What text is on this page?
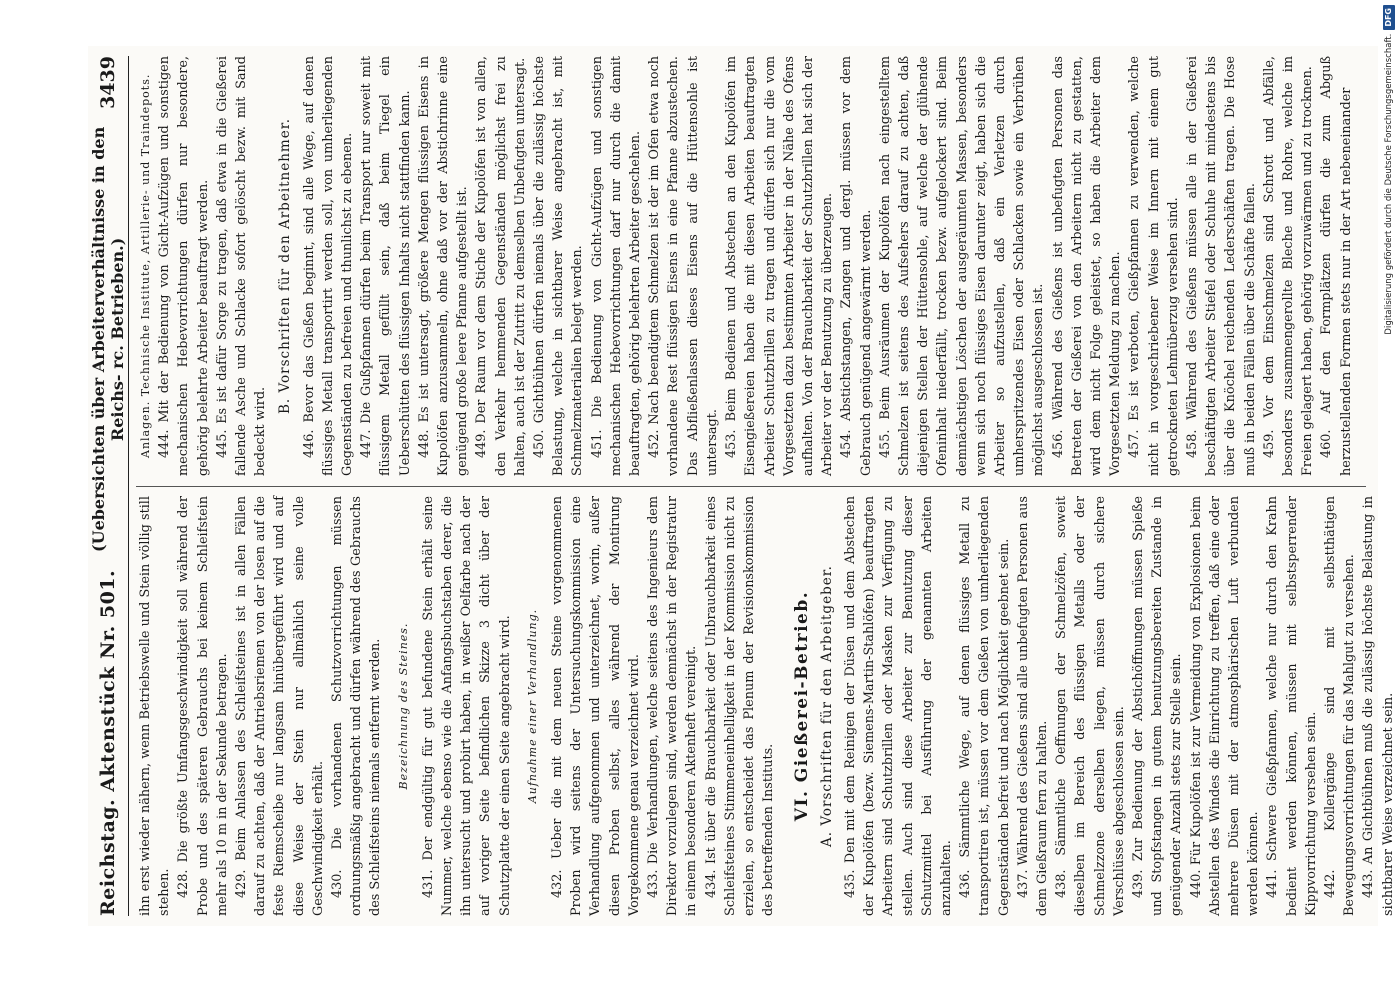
Reichstag. Aktenstück Nr. 501.
(Uebersichten über Arbeiterverhältnisse in den Reichs- rc. Betrieben.)
3439

ihn erst wieder nähern, wenn Betriebswelle und Stein völlig still stehen. 428. Die größte Umfangsgeschwindigkeit soll während der Probe und des späteren Gebrauchs bei keinem Schleifstein mehr als 10 m in der Sekunde betragen. 429. Beim Anlassen des Schleifsteines ist in allen Fällen darauf zu achten, daß der Antriebsriemen von der losen auf die feste Riemscheibe nur langsam hinübergeführt wird und auf diese Weise der Stein nur allmählich seine volle Geschwindigkeit erhält. 430. Die vorhandenen Schutzvorrichtungen müssen ordnungsmäßig angebracht und dürfen während des Gebrauchs des Schleifsteins niemals entfernt werden. Bezeichnung des Steines. 431. Der endgültig für gut befundene Stein erhält seine Nummer, welche ebenso wie die Anfangsbuchstaben derer, die ihn untersucht und probirt haben, in weißer Oelfarbe nach der auf voriger Seite befindlichen Skizze 3 dicht über der Schutzplatte der einen Seite angebracht wird. Aufnahme einer Verhandlung. 432. Ueber die mit dem neuen Steine vorgenommenen Proben wird seitens der Untersuchungskommission eine Verhandlung aufgenommen und unterzeichnet, worin, außer diesen Proben selbst, alles während der Montirung Vorgekommene genau verzeichnet wird. 433. Die Verhandlungen, welche seitens des Ingenieurs dem Direktor vorzulegen sind, werden demnächst in der Registratur in einem besonderen Aktenheft vereinigt. 434. Ist über die Brauchbarkeit oder Unbrauchbarkeit eines Schleifsteines Stimmeneinhelligkeit in der Kommission nicht zu erzielen, so entscheidet das Plenum der Revisionskommission des betreffenden Instituts.

VI. Gießerei-Betrieb. A. Vorschriften für den Arbeitgeber. 435. Den mit dem Reinigen der Düsen und dem Abstechen der Kupolöfen (bezw. Siemens-Martin-Stahlöfen) beauftragten Arbeitern sind Schutzbrillen oder Masken zur Verfügung zu stellen. Auch sind diese Arbeiter zur Benutzung dieser Schutzmittel bei Ausführung der genannten Arbeiten anzuhalten. 436. Sämmtliche Wege, auf denen flüssiges Metall zu transportiren ist, müssen vor dem Gießen von umherliegenden Gegenständen befreit und nach Möglichkeit geebnet sein. 437. Während des Gießens sind alle unbefugten Personen aus dem Gießraum fern zu halten. 438. Sämmtliche Oeffnungen der Schmelzöfen, soweit dieselben im Bereich des flüssigen Metalls oder der Schmelzzone derselben liegen, müssen durch sichere Verschlüsse abgeschlossen sein. 439. Zur Bedienung der Abstichöffnungen müssen Spieße und Stopfstangen in gutem benutzungsbereiten Zustande in genügender Anzahl stets zur Stelle sein. 440. Für Kupolöfen ist zur Vermeidung von Explosionen beim Abstellen des Windes die Einrichtung zu treffen, daß eine oder mehrere Düsen mit der atmosphärischen Luft verbunden werden können. 441. Schwere Gießpfannen, welche nur durch den Krahn bedient werden können, müssen mit selbstsperrender Kippvorrichtung versehen sein. 442. Kollergänge sind mit selbstthätigen Bewegungsvorrichtungen für das Mahlgut zu versehen. 443. An Gichtbühnen muß die zulässig höchste Belastung in sichtbarer Weise verzeichnet sein.

Anlagen. Technische Institute, Artillerie- und Traindepots. 444. Mit der Bedienung von Gicht-Aufzügen und sonstigen mechanischen Hebevorrichtungen dürfen nur besondere, gehörig belehrte Arbeiter beauftragt werden. 445. Es ist dafür Sorge zu tragen, daß etwa in die Gießerei fallende Asche und Schlacke sofort gelöscht bezw. mit Sand bedeckt wird.

B. Vorschriften für den Arbeitnehmer. 446. Bevor das Gießen beginnt, sind alle Wege, auf denen flüssiges Metall transportirt werden soll, von umherliegenden Gegenständen zu befreien und thunlichst zu ebenen. 447. Die Gußpfannen dürfen beim Transport nur soweit mit flüssigem Metall gefüllt sein, daß beim Tiegel ein Ueberschütten des flüssigen Inhalts nicht stattfinden kann. 448. Es ist untersagt, größere Mengen flüssigen Eisens in Kupolöfen anzusammeln, ohne daß vor der Abstichrinne eine genügend große leere Pfanne aufgestellt ist. 449. Der Raum vor dem Stiche der Kupolöfen ist von allen, den Verkehr hemmenden Gegenständen möglichst frei zu halten, auch ist der Zutritt zu demselben Unbefugten untersagt. 450. Gichtbühnen dürfen niemals über die zulässig höchste Belastung, welche in sichtbarer Weise angebracht ist, mit Schmelzmaterialien belegt werden. 451. Die Bedienung von Gicht-Aufzügen und sonstigen mechanischen Hebevorrichtungen darf nur durch die damit beauftragten, gehörig belehrten Arbeiter geschehen. 452. Nach beendigtem Schmelzen ist der im Ofen etwa noch vorhandene Rest flüssigen Eisens in eine Pfanne abzustechen. Das Abfließenlassen dieses Eisens auf die Hüttensohle ist untersagt. 453. Beim Bedienen und Abstechen an den Kupolöfen im Eisengießereien haben die mit diesen Arbeiten beauftragten Arbeiter Schutzbrillen zu tragen und dürfen sich nur die vom Vorgesetzten dazu bestimmten Arbeiter in der Nähe des Ofens aufhalten. Von der Brauchbarkeit der Schutzbrillen hat sich der Arbeiter vor der Benutzung zu überzeugen. 454. Abstichstangen, Zangen und dergl. müssen vor dem Gebrauch genügend angewärmt werden. 455. Beim Ausräumen der Kupolöfen nach eingestelltem Schmelzen ist seitens des Aufsehers darauf zu achten, daß diejenigen Stellen der Hüttensohle, auf welche der glühende Ofeninhalt niederfällt, trocken bezw. aufgelockert sind. Beim demnächstigen Löschen der ausgeräumten Massen, besonders wenn sich noch flüssiges Eisen darunter zeigt, haben sich die Arbeiter so aufzustellen, daß ein Verletzen durch umherspritzendes Eisen oder Schlacken sowie ein Verbrühen möglichst ausgeschlossen ist. 456. Während des Gießens ist unbefugten Personen das Betreten der Gießerei von den Arbeitern nicht zu gestatten, wird dem nicht Folge geleistet, so haben die Arbeiter dem Vorgesetzten Meldung zu machen. 457. Es ist verboten, Gießpfannen zu verwenden, welche nicht in vorgeschriebener Weise im Innern mit einem gut getrockneten Lehmüberzug versehen sind. 458. Während des Gießens müssen alle in der Gießerei beschäftigten Arbeiter Stiefel oder Schuhe mit mindestens bis über die Knöchel reichenden Lederschäften tragen. Die Hose muß in beiden Fällen über die Schäfte fallen. 459. Vor dem Einschmelzen sind Schrott und Abfälle, besonders zusammengerollte Bleche und Rohre, welche im Freien gelagert haben, gehörig vorzuwärmen und zu trocknen. 460. Auf den Formplätzen dürfen die zum Abguß herzustellenden Formen stets nur in der Art nebeneinander	Digitalisierung gefördert durch die Deutsche Forschungsgemeinschaft.
DFG
